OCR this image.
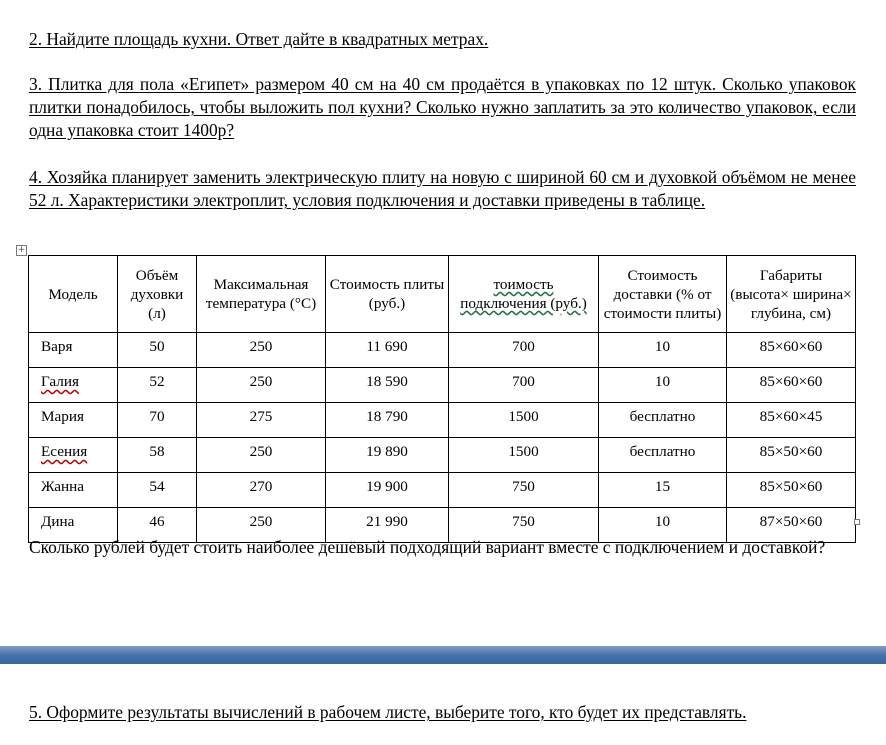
2. Найдите площадь кухни. Ответ дайте в квадратных метрах.
3. Плитка для пола «Египет» размером 40 см на 40 см продаётся в упаковках по 12 штук. Сколько упаковок плитки понадобилось, чтобы выложить пол кухни? Сколько нужно заплатить за это количество упаковок, если одна упаковка стоит 1400р?
4. Хозяйка планирует заменить электрическую плиту на новую с шириной 60 см и духовкой объёмом не менее 52 л. Характеристики электроплит, условия подключения и доставки приведены в таблице.
+
Модель	Объём духовки (л)	Максимальная температура (°С)	Стоимость плиты (руб.)	тоимость подключения (руб.)	Стоимость доставки (% от стоимости плиты)	Габариты (высота× ширина× глубина, см)
Варя	50	250	11 690	700	10	85×60×60
Галия	52	250	18 590	700	10	85×60×60
Мария	70	275	18 790	1500	бесплатно	85×60×45
Есения	58	250	19 890	1500	бесплатно	85×50×60
Жанна	54	270	19 900	750	15	85×50×60
Дина	46	250	21 990	750	10	87×50×60
Сколько рублей будет стоить наиболее дешёвый подходящий вариант вместе с подключением и доставкой?
5. Оформите результаты вычислений в рабочем листе, выберите того, кто будет их представлять.
